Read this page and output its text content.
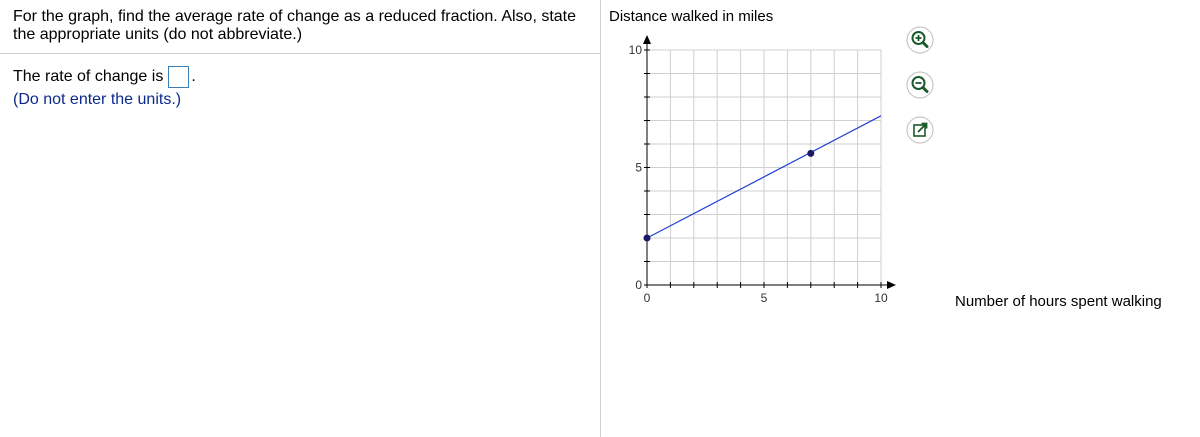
For the graph, find the average rate of change as a reduced fraction. Also, state the appropriate units (do not abbreviate.)
The rate of change is .
(Do not enter the units.)
Distance walked in miles
Number of hours spent walking
0
5
10
0	5	10
